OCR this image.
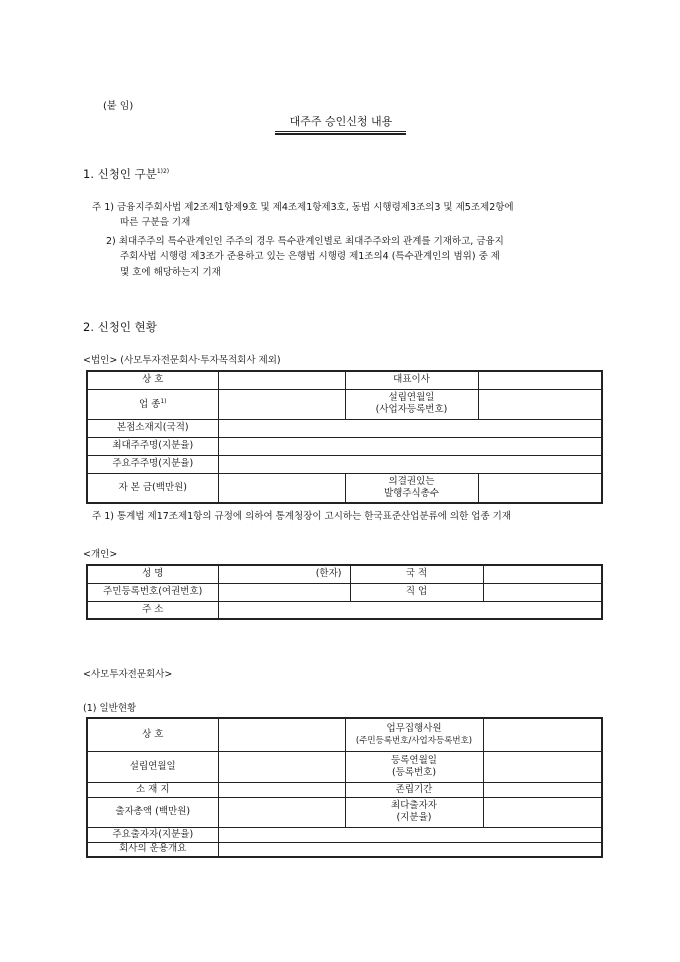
(붙 임)
대주주 승인신청 내용
1. 신청인 구분$^{1)2)}$
주 1) 금융지주회사법 제2조제1항제9호 및 제4조제1항제3호, 동법 시행령제3조의3 및 제5조제2항에
따른 구분을 기재
2) 최대주주의 특수관계인인 주주의 경우 특수관계인별로 최대주주와의 관계를 기재하고, 금융지
주회사법 시행령 제3조가 준용하고 있는 은행법 시행령 제1조의4 (특수관계인의 범위) 중 제
몇 호에 해당하는지 기재
2. 신청인 현황
<법인> (사모투자전문회사·투자목적회사 제외)
상 호		대표이사	
업 종$^{1)}$		설립연월일
(사업자등록번호)	

본점소재지(국적)			
최대주주명(지분율)			
주요주주명(지분율)			
자 본 금(백만원)		의결권있는
발행주식총수	

주 1) 통계법 제17조제1항의 규정에 의하여 통계청장이 고시하는 한국표준산업분류에 의한 업종 기재
<개인>
성 명	(한자)	국 적	
주민등록번호(여권번호)		직 업	
주 소			
<사모투자전문회사>
(1) 일반현황
상 호		업무집행사원
(주민등록번호/사업자등록번호)	

설립연월일		등록연월일
(등록번호)	

소 재 지		존립기간	
출자총액 (백만원)		최다출자자
(지분율)	

주요출자자(지분율)			
회사의 운용개요			
